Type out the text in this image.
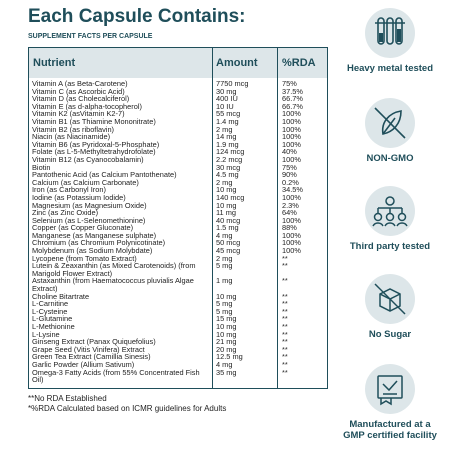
Each Capsule Contains:
SUPPLEMENT FACTS PER CAPSULE
Nutrient	Amount %RDA
Vitamin A (as Beta-Carotene)	7750 mcg	75%
Vitamin C (as Ascorbic Acid)	30 mg	37.5%
Vitamin D (as Cholecalciferol)	400 IU	66.7%
Vitamin E (as d-alpha-tocopherol)	10 IU	66.7%
Vitamin K2 (asVitamin K2-7)	55 mcg	100%
Vitamin B1 (as Thiamine Mononitrate)	1.4 mg	100%
Vitamin B2 (as riboflavin)	2 mg	100%
Niacin (as Niacinamide)	14 mg	100%
Vitamin B6 (as Pyridoxal-5-Phosphate)	1.9 mg	100%
Folate (as L-5-Methyltetrahydrofolate)	124 mcg	40%
Vitamin B12 (as Cyanocobalamin)	2.2 mcg	100%
Biotin	30 mcg	75%
Pantothenic Acid (as Calcium Pantothenate)	4.5 mg	90%
Calcium (as Calcium Carbonate)	2 mg	0.2%
Iron (as Carbonyl Iron)	10 mg	34.5%
Iodine (as Potassium Iodide)	140 mcg	100%
Magnesium (as Magnesium Oxide)	10 mg	2.3%
Zinc (as Zinc Oxide)	11 mg	64%
Selenium (as L-Selenomethionine)	40 mcg	100%
Copper (as Copper Gluconate)	1.5 mg	88%
Manganese (as Manganese sulphate)	4 mg	100%
Chromium (as Chromium Polynicotinate)	50 mcg	100%
Molybdenum (as Sodium Molybdate)	45 mcg	100%
Lycopene (from Tomato Extract)	2 mg	**
Lutein & Zeaxanthin (as Mixed Carotenoids) (from Marigold Flower Extract)
5 mg	**
Astaxanthin (from Haematococcus pluvialis Algae Extract)
1 mg	**
Choline Bitartrate	10 mg	**
L-Carnitine	5 mg	**
L-Cysteine	5 mg	**
L-Glutamine	15 mg	**
L-Methionine	10 mg	**
L-Lysine	10 mg	**
Ginseng Extract (Panax Quiquefolius)	21 mg	**
Grape Seed (Vitis Vinifera) Extract	20 mg	**
Green Tea Extract (Camillia Sinesis)	12.5 mg	**
Garlic Powder (Allium Sativum)	4 mg	**
Omega-3 Fatty Acids (from 55% Concentrated Fish Oil)
35 mg	**
**No RDA Established
*%RDA Calculated based on ICMR guidelines for Adults
Heavy metal tested
NON-GMO
Third party tested
No Sugar
Manufactured at a GMP certified facility
